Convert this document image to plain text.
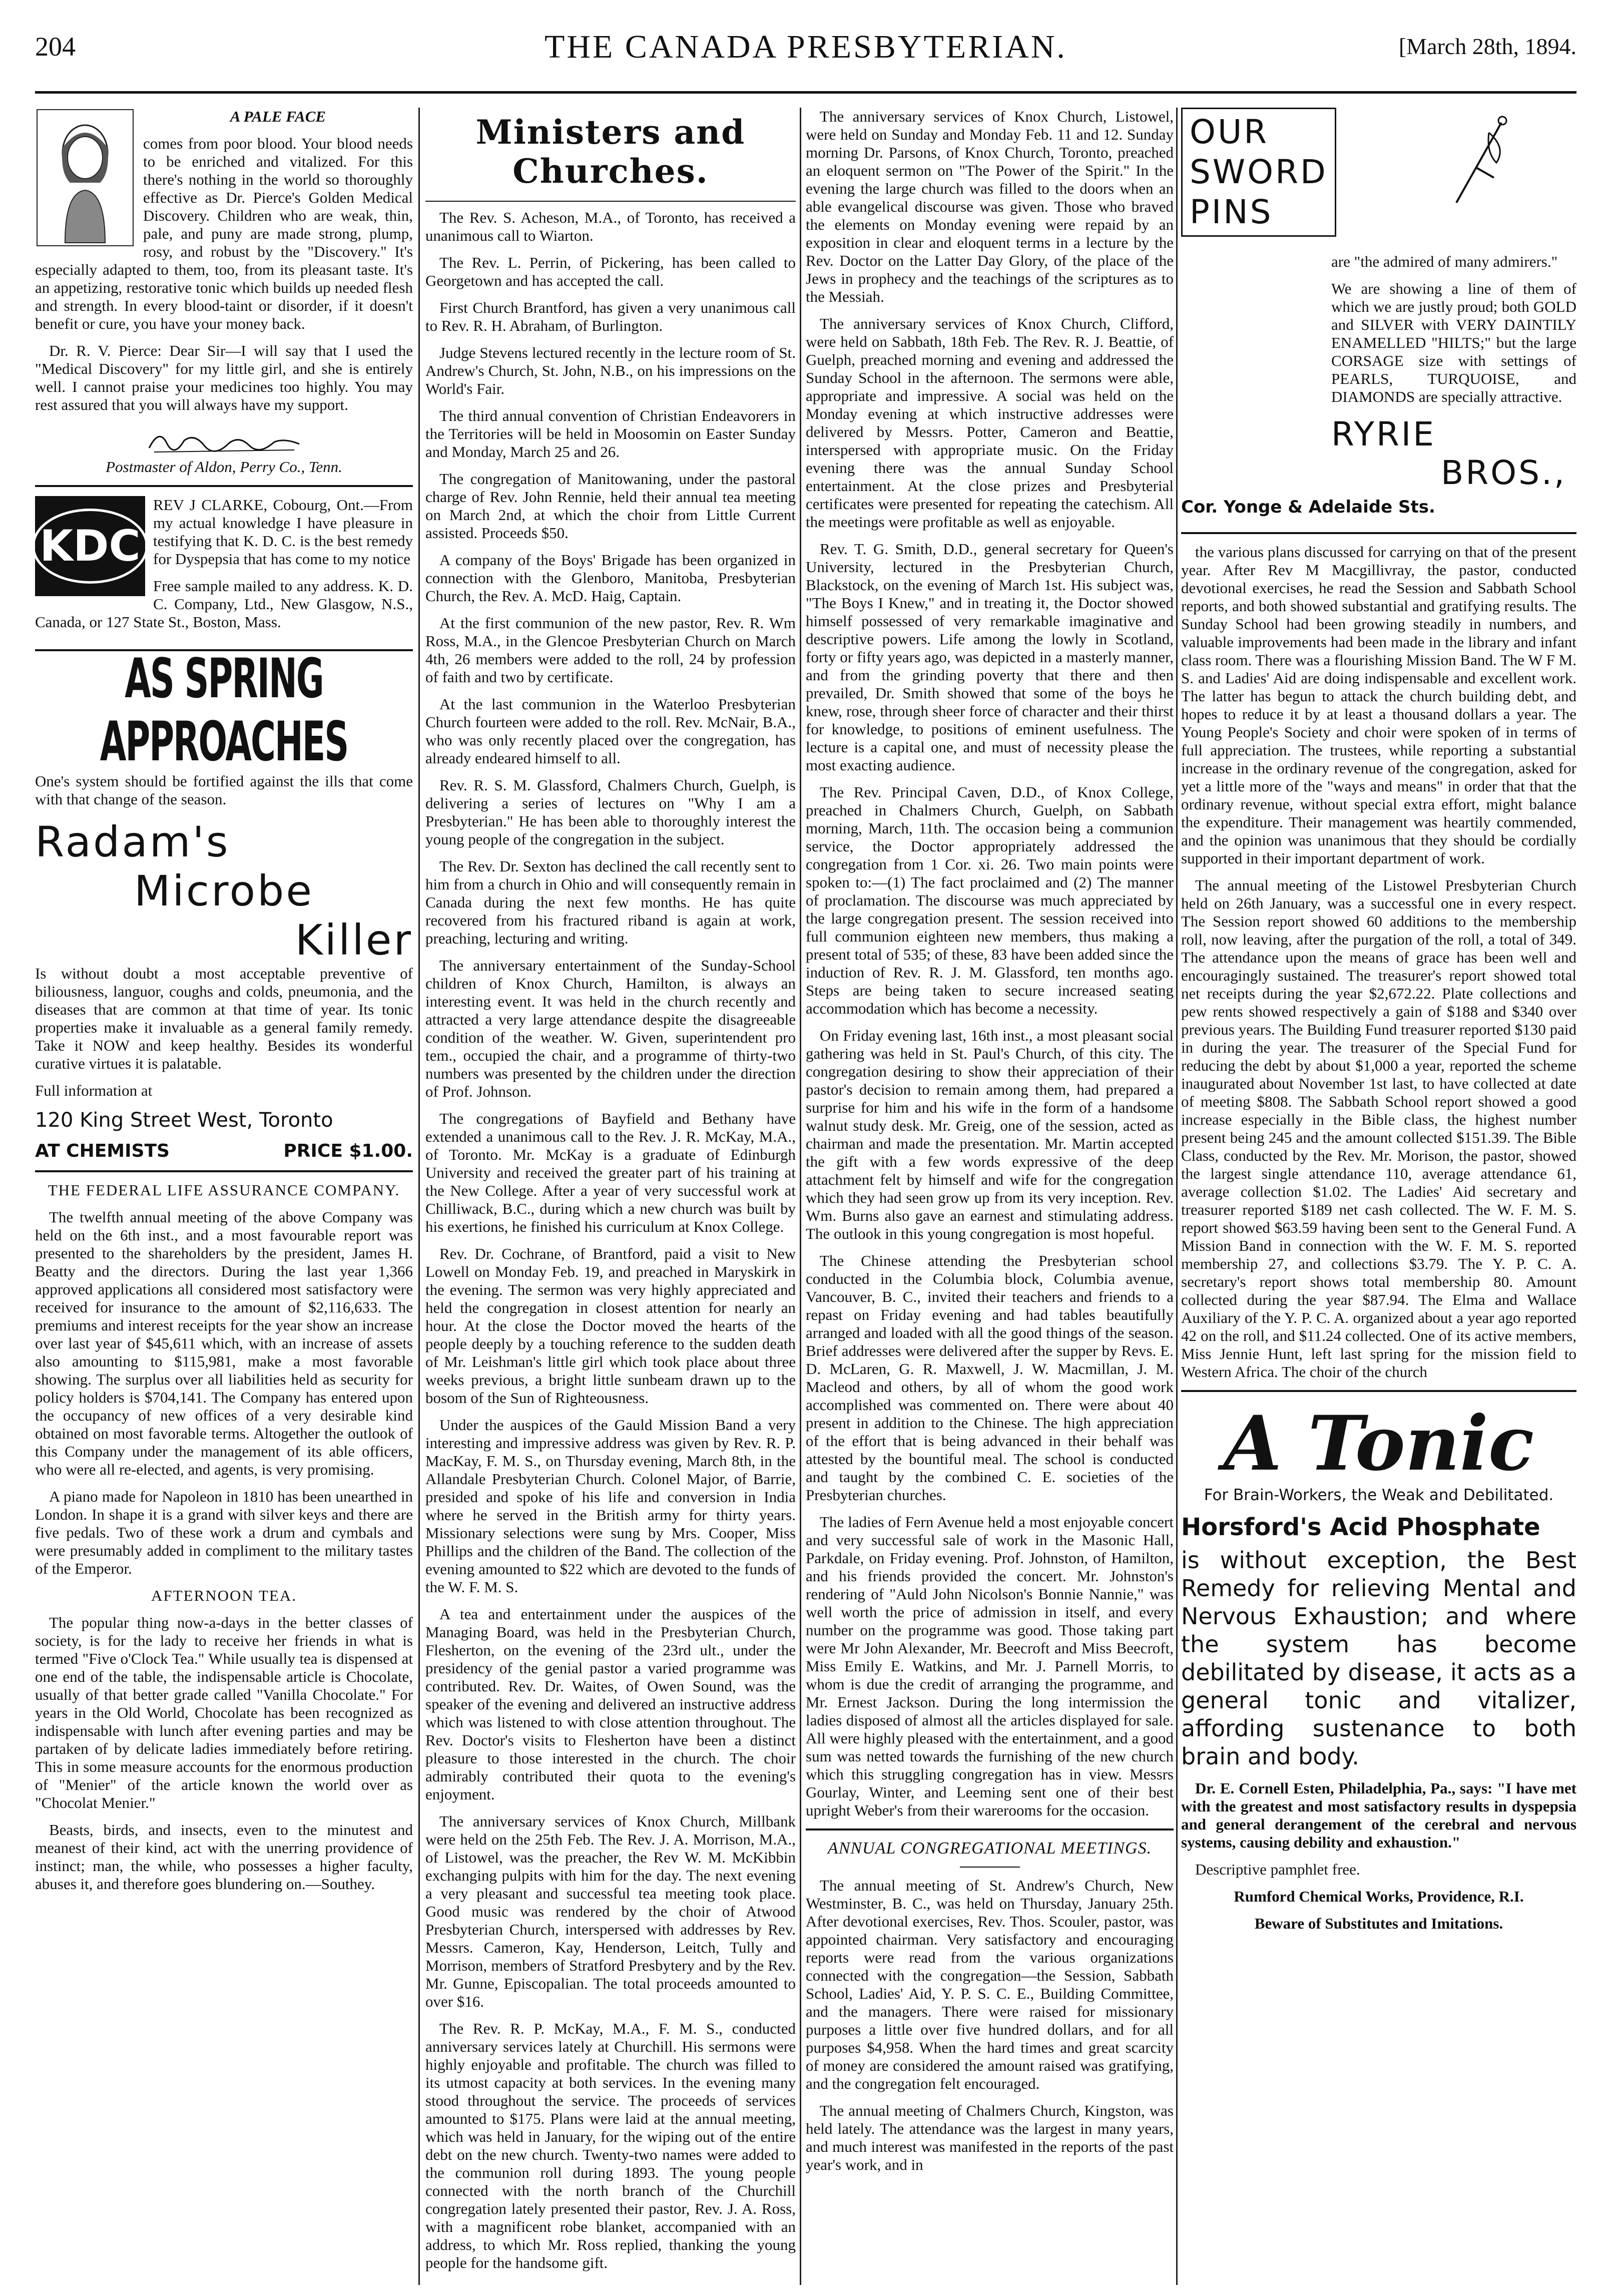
204	THE CANADA PRESBYTERIAN.	[March 28th, 1894.

A PALE FACE

comes from poor blood. Your blood needs to be enriched and vitalized. For this there's nothing in the world so thoroughly effective as Dr. Pierce's Golden Medical Discovery. Children who are weak, thin, pale, and puny are made strong, plump, rosy, and robust by the "Discovery." It's especially adapted to them, too, from its pleasant taste. It's an appetizing, restorative tonic which builds up needed flesh and strength. In every blood-taint or disorder, if it doesn't benefit or cure, you have your money back.

Dr. R. V. Pierce: Dear Sir—I will say that I used the "Medical Discovery" for my little girl, and she is entirely well. I cannot praise your medicines too highly. You may rest assured that you will always have my support.

Postmaster of Aldon, Perry Co., Tenn.

KDC

REV J CLARKE, Cobourg, Ont.—From my actual knowledge I have pleasure in testifying that K. D. C. is the best remedy for Dyspepsia that has come to my notice

Free sample mailed to any address. K. D. C. Company, Ltd., New Glasgow, N.S., Canada, or 127 State St., Boston, Mass.

AS SPRING APPROACHES

One's system should be fortified against the ills that come with that change of the season.

Radam's
Microbe
Killer

Is without doubt a most acceptable preventive of biliousness, languor, coughs and colds, pneumonia, and the diseases that are common at that time of year. Its tonic properties make it invaluable as a general family remedy. Take it NOW and keep healthy. Besides its wonderful curative virtues it is palatable.

Full information at

120 King Street West, Toronto
AT CHEMISTS	PRICE $1.00.

THE FEDERAL LIFE ASSURANCE COMPANY.

The twelfth annual meeting of the above Company was held on the 6th inst., and a most favourable report was presented to the shareholders by the president, James H. Beatty and the directors. During the last year 1,366 approved applications all considered most satisfactory were received for insurance to the amount of $2,116,633. The premiums and interest receipts for the year show an increase over last year of $45,611 which, with an increase of assets also amounting to $115,981, make a most favorable showing. The surplus over all liabilities held as security for policy holders is $704,141. The Company has entered upon the occupancy of new offices of a very desirable kind obtained on most favorable terms. Altogether the outlook of this Company under the management of its able officers, who were all re-elected, and agents, is very promising.

A piano made for Napoleon in 1810 has been unearthed in London. In shape it is a grand with silver keys and there are five pedals. Two of these work a drum and cymbals and were presumably added in compliment to the military tastes of the Emperor.

AFTERNOON TEA.

The popular thing now-a-days in the better classes of society, is for the lady to receive her friends in what is termed "Five o'Clock Tea." While usually tea is dispensed at one end of the table, the indispensable article is Chocolate, usually of that better grade called "Vanilla Chocolate." For years in the Old World, Chocolate has been recognized as indispensable with lunch after evening parties and may be partaken of by delicate ladies immediately before retiring. This in some measure accounts for the enormous production of "Menier" of the article known the world over as "Chocolat Menier."

Beasts, birds, and insects, even to the minutest and meanest of their kind, act with the unerring providence of instinct; man, the while, who possesses a higher faculty, abuses it, and therefore goes blundering on.—Southey.

Ministers and Churches.

The Rev. S. Acheson, M.A., of Toronto, has received a unanimous call to Wiarton.

The Rev. L. Perrin, of Pickering, has been called to Georgetown and has accepted the call.

First Church Brantford, has given a very unanimous call to Rev. R. H. Abraham, of Burlington.

Judge Stevens lectured recently in the lecture room of St. Andrew's Church, St. John, N.B., on his impressions on the World's Fair.

The third annual convention of Christian Endeavorers in the Territories will be held in Moosomin on Easter Sunday and Monday, March 25 and 26.

The congregation of Manitowaning, under the pastoral charge of Rev. John Rennie, held their annual tea meeting on March 2nd, at which the choir from Little Current assisted. Proceeds $50.

A company of the Boys' Brigade has been organized in connection with the Glenboro, Manitoba, Presbyterian Church, the Rev. A. McD. Haig, Captain.

At the first communion of the new pastor, Rev. R. Wm Ross, M.A., in the Glencoe Presbyterian Church on March 4th, 26 members were added to the roll, 24 by profession of faith and two by certificate.

At the last communion in the Waterloo Presbyterian Church fourteen were added to the roll. Rev. McNair, B.A., who was only recently placed over the congregation, has already endeared himself to all.

Rev. R. S. M. Glassford, Chalmers Church, Guelph, is delivering a series of lectures on "Why I am a Presbyterian." He has been able to thoroughly interest the young people of the congregation in the subject.

The Rev. Dr. Sexton has declined the call recently sent to him from a church in Ohio and will consequently remain in Canada during the next few months. He has quite recovered from his fractured riband is again at work, preaching, lecturing and writing.

The anniversary entertainment of the Sunday-School children of Knox Church, Hamilton, is always an interesting event. It was held in the church recently and attracted a very large attendance despite the disagreeable condition of the weather. W. Given, superintendent pro tem., occupied the chair, and a programme of thirty-two numbers was presented by the children under the direction of Prof. Johnson.

The congregations of Bayfield and Bethany have extended a unanimous call to the Rev. J. R. McKay, M.A., of Toronto. Mr. McKay is a graduate of Edinburgh University and received the greater part of his training at the New College. After a year of very successful work at Chilliwack, B.C., during which a new church was built by his exertions, he finished his curriculum at Knox College.

Rev. Dr. Cochrane, of Brantford, paid a visit to New Lowell on Monday Feb. 19, and preached in Maryskirk in the evening. The sermon was very highly appreciated and held the congregation in closest attention for nearly an hour. At the close the Doctor moved the hearts of the people deeply by a touching reference to the sudden death of Mr. Leishman's little girl which took place about three weeks previous, a bright little sunbeam drawn up to the bosom of the Sun of Righteousness.

Under the auspices of the Gauld Mission Band a very interesting and impressive address was given by Rev. R. P. MacKay, F. M. S., on Thursday evening, March 8th, in the Allandale Presbyterian Church. Colonel Major, of Barrie, presided and spoke of his life and conversion in India where he served in the British army for thirty years. Missionary selections were sung by Mrs. Cooper, Miss Phillips and the children of the Band. The collection of the evening amounted to $22 which are devoted to the funds of the W. F. M. S.

A tea and entertainment under the auspices of the Managing Board, was held in the Presbyterian Church, Flesherton, on the evening of the 23rd ult., under the presidency of the genial pastor a varied programme was contributed. Rev. Dr. Waites, of Owen Sound, was the speaker of the evening and delivered an instructive address which was listened to with close attention throughout. The Rev. Doctor's visits to Flesherton have been a distinct pleasure to those interested in the church. The choir admirably contributed their quota to the evening's enjoyment.

The anniversary services of Knox Church, Millbank were held on the 25th Feb. The Rev. J. A. Morrison, M.A., of Listowel, was the preacher, the Rev W. M. McKibbin exchanging pulpits with him for the day. The next evening a very pleasant and successful tea meeting took place. Good music was rendered by the choir of Atwood Presbyterian Church, interspersed with addresses by Rev. Messrs. Cameron, Kay, Henderson, Leitch, Tully and Morrison, members of Stratford Presbytery and by the Rev. Mr. Gunne, Episcopalian. The total proceeds amounted to over $16.

The Rev. R. P. McKay, M.A., F. M. S., conducted anniversary services lately at Churchill. His sermons were highly enjoyable and profitable. The church was filled to its utmost capacity at both services. In the evening many stood throughout the service. The proceeds of services amounted to $175. Plans were laid at the annual meeting, which was held in January, for the wiping out of the entire debt on the new church. Twenty-two names were added to the communion roll during 1893. The young people connected with the north branch of the Churchill congregation lately presented their pastor, Rev. J. A. Ross, with a magnificent robe blanket, accompanied with an address, to which Mr. Ross replied, thanking the young people for the handsome gift.

The anniversary services of Knox Church, Listowel, were held on Sunday and Monday Feb. 11 and 12. Sunday morning Dr. Parsons, of Knox Church, Toronto, preached an eloquent sermon on "The Power of the Spirit." In the evening the large church was filled to the doors when an able evangelical discourse was given. Those who braved the elements on Monday evening were repaid by an exposition in clear and eloquent terms in a lecture by the Rev. Doctor on the Latter Day Glory, of the place of the Jews in prophecy and the teachings of the scriptures as to the Messiah.

The anniversary services of Knox Church, Clifford, were held on Sabbath, 18th Feb. The Rev. R. J. Beattie, of Guelph, preached morning and evening and addressed the Sunday School in the afternoon. The sermons were able, appropriate and impressive. A social was held on the Monday evening at which instructive addresses were delivered by Messrs. Potter, Cameron and Beattie, interspersed with appropriate music. On the Friday evening there was the annual Sunday School entertainment. At the close prizes and Presbyterial certificates were presented for repeating the catechism. All the meetings were profitable as well as enjoyable.

Rev. T. G. Smith, D.D., general secretary for Queen's University, lectured in the Presbyterian Church, Blackstock, on the evening of March 1st. His subject was, "The Boys I Knew," and in treating it, the Doctor showed himself possessed of very remarkable imaginative and descriptive powers. Life among the lowly in Scotland, forty or fifty years ago, was depicted in a masterly manner, and from the grinding poverty that there and then prevailed, Dr. Smith showed that some of the boys he knew, rose, through sheer force of character and their thirst for knowledge, to positions of eminent usefulness. The lecture is a capital one, and must of necessity please the most exacting audience.

The Rev. Principal Caven, D.D., of Knox College, preached in Chalmers Church, Guelph, on Sabbath morning, March, 11th. The occasion being a communion service, the Doctor appropriately addressed the congregation from 1 Cor. xi. 26. Two main points were spoken to:—(1) The fact proclaimed and (2) The manner of proclamation. The discourse was much appreciated by the large congregation present. The session received into full communion eighteen new members, thus making a present total of 535; of these, 83 have been added since the induction of Rev. R. J. M. Glassford, ten months ago. Steps are being taken to secure increased seating accommodation which has become a necessity.

On Friday evening last, 16th inst., a most pleasant social gathering was held in St. Paul's Church, of this city. The congregation desiring to show their appreciation of their pastor's decision to remain among them, had prepared a surprise for him and his wife in the form of a handsome walnut study desk. Mr. Greig, one of the session, acted as chairman and made the presentation. Mr. Martin accepted the gift with a few words expressive of the deep attachment felt by himself and wife for the congregation which they had seen grow up from its very inception. Rev. Wm. Burns also gave an earnest and stimulating address. The outlook in this young congregation is most hopeful.

The Chinese attending the Presbyterian school conducted in the Columbia block, Columbia avenue, Vancouver, B. C., invited their teachers and friends to a repast on Friday evening and had tables beautifully arranged and loaded with all the good things of the season. Brief addresses were delivered after the supper by Revs. E. D. McLaren, G. R. Maxwell, J. W. Macmillan, J. M. Macleod and others, by all of whom the good work accomplished was commented on. There were about 40 present in addition to the Chinese. The high appreciation of the effort that is being advanced in their behalf was attested by the bountiful meal. The school is conducted and taught by the combined C. E. societies of the Presbyterian churches.

The ladies of Fern Avenue held a most enjoyable concert and very successful sale of work in the Masonic Hall, Parkdale, on Friday evening. Prof. Johnston, of Hamilton, and his friends provided the concert. Mr. Johnston's rendering of "Auld John Nicolson's Bonnie Nannie," was well worth the price of admission in itself, and every number on the programme was good. Those taking part were Mr John Alexander, Mr. Beecroft and Miss Beecroft, Miss Emily E. Watkins, and Mr. J. Parnell Morris, to whom is due the credit of arranging the programme, and Mr. Ernest Jackson. During the long intermission the ladies disposed of almost all the articles displayed for sale. All were highly pleased with the entertainment, and a good sum was netted towards the furnishing of the new church which this struggling congregation has in view. Messrs Gourlay, Winter, and Leeming sent one of their best upright Weber's from their warerooms for the occasion.

ANNUAL CONGREGATIONAL MEETINGS.

The annual meeting of St. Andrew's Church, New Westminster, B. C., was held on Thursday, January 25th. After devotional exercises, Rev. Thos. Scouler, pastor, was appointed chairman. Very satisfactory and encouraging reports were read from the various organizations connected with the congregation—the Session, Sabbath School, Ladies' Aid, Y. P. S. C. E., Building Committee, and the managers. There were raised for missionary purposes a little over five hundred dollars, and for all purposes $4,958. When the hard times and great scarcity of money are considered the amount raised was gratifying, and the congregation felt encouraged.

The annual meeting of Chalmers Church, Kingston, was held lately. The attendance was the largest in many years, and much interest was manifested in the reports of the past year's work, and in

OUR
SWORD
PINS

are "the admired of many admirers."

We are showing a line of them of which we are justly proud; both GOLD and SILVER with VERY DAINTILY ENAMELLED "HILTS;" but the large CORSAGE size with settings of PEARLS, TURQUOISE, and DIAMONDS are specially attractive.

RYRIE
BROS.,
Cor. Yonge & Adelaide Sts.

the various plans discussed for carrying on that of the present year. After Rev M Macgillivray, the pastor, conducted devotional exercises, he read the Session and Sabbath School reports, and both showed substantial and gratifying results. The Sunday School had been growing steadily in numbers, and valuable improvements had been made in the library and infant class room. There was a flourishing Mission Band. The W F M. S. and Ladies' Aid are doing indispensable and excellent work. The latter has begun to attack the church building debt, and hopes to reduce it by at least a thousand dollars a year. The Young People's Society and choir were spoken of in terms of full appreciation. The trustees, while reporting a substantial increase in the ordinary revenue of the congregation, asked for yet a little more of the "ways and means" in order that that the ordinary revenue, without special extra effort, might balance the expenditure. Their management was heartily commended, and the opinion was unanimous that they should be cordially supported in their important department of work.

The annual meeting of the Listowel Presbyterian Church held on 26th January, was a successful one in every respect. The Session report showed 60 additions to the membership roll, now leaving, after the purgation of the roll, a total of 349. The attendance upon the means of grace has been well and encouragingly sustained. The treasurer's report showed total net receipts during the year $2,672.22. Plate collections and pew rents showed respectively a gain of $188 and $340 over previous years. The Building Fund treasurer reported $130 paid in during the year. The treasurer of the Special Fund for reducing the debt by about $1,000 a year, reported the scheme inaugurated about November 1st last, to have collected at date of meeting $808. The Sabbath School report showed a good increase especially in the Bible class, the highest number present being 245 and the amount collected $151.39. The Bible Class, conducted by the Rev. Mr. Morison, the pastor, showed the largest single attendance 110, average attendance 61, average collection $1.02. The Ladies' Aid secretary and treasurer reported $189 net cash collected. The W. F. M. S. report showed $63.59 having been sent to the General Fund. A Mission Band in connection with the W. F. M. S. reported membership 27, and collections $3.79. The Y. P. C. A. secretary's report shows total membership 80. Amount collected during the year $87.94. The Elma and Wallace Auxiliary of the Y. P. C. A. organized about a year ago reported 42 on the roll, and $11.24 collected. One of its active members, Miss Jennie Hunt, left last spring for the mission field to Western Africa. The choir of the church

A Tonic

For Brain-Workers, the Weak and Debilitated.

Horsford's Acid Phosphate

is without exception, the Best Remedy for relieving Mental and Nervous Exhaustion; and where the system has become debilitated by disease, it acts as a general tonic and vitalizer, affording sustenance to both brain and body.

Dr. E. Cornell Esten, Philadelphia, Pa., says: "I have met with the greatest and most satisfactory results in dyspepsia and general derangement of the cerebral and nervous systems, causing debility and exhaustion."

Descriptive pamphlet free.

Rumford Chemical Works, Providence, R.I.

Beware of Substitutes and Imitations.
